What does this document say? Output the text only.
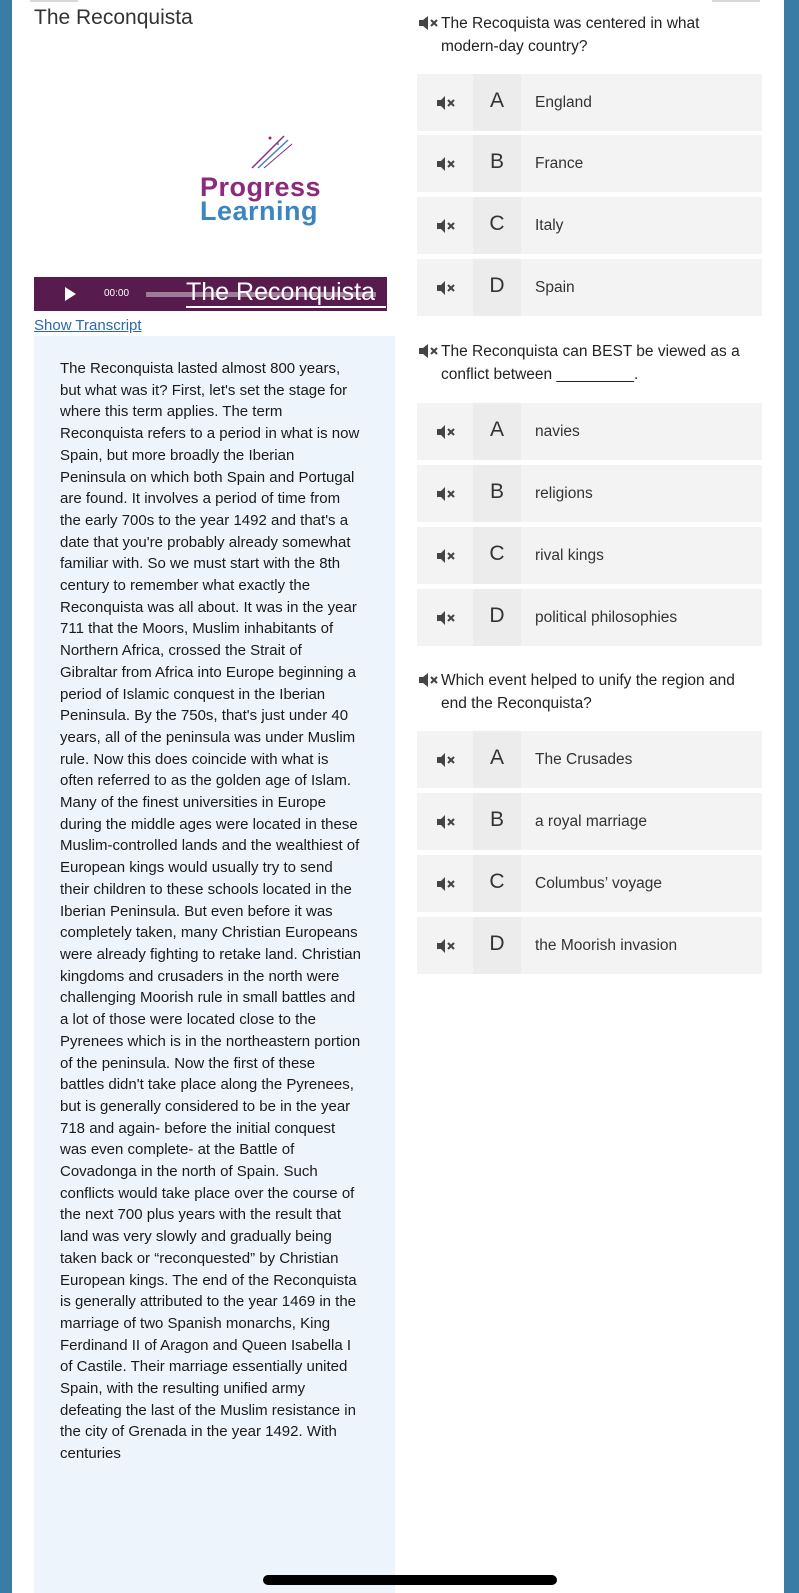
The Reconquista
Progress
Learning
00:00 The Reconquista
Show Transcript

The Reconquista lasted almost 800 years, but what was it? First, let's set the stage for where this term applies. The term Reconquista refers to a period in what is now Spain, but more broadly the Iberian Peninsula on which both Spain and Portugal are found. It involves a period of time from the early 700s to the year 1492 and that's a date that you're probably already somewhat familiar with. So we must start with the 8th century to remember what exactly the Reconquista was all about. It was in the year 711 that the Moors, Muslim inhabitants of Northern Africa, crossed the Strait of Gibraltar from Africa into Europe beginning a period of Islamic conquest in the Iberian Peninsula. By the 750s, that's just under 40 years, all of the peninsula was under Muslim rule. Now this does coincide with what is often referred to as the golden age of Islam. Many of the finest universities in Europe during the middle ages were located in these Muslim-controlled lands and the wealthiest of European kings would usually try to send their children to these schools located in the Iberian Peninsula. But even before it was completely taken, many Christian Europeans were already fighting to retake land. Christian kingdoms and crusaders in the north were challenging Moorish rule in small battles and a lot of those were located close to the Pyrenees which is in the northeastern portion of the peninsula. Now the first of these battles didn't take place along the Pyrenees, but is generally considered to be in the year 718 and again- before the initial conquest was even complete- at the Battle of Covadonga in the north of Spain. Such conflicts would take place over the course of the next 700 plus years with the result that land was very slowly and gradually being taken back or “reconquested” by Christian European kings. The end of the Reconquista is generally attributed to the year 1469 in the marriage of two Spanish monarchs, King Ferdinand II of Aragon and Queen Isabella I of Castile. Their marriage essentially united Spain, with the resulting unified army defeating the last of the Muslim resistance in the city of Grenada in the year 1492. With centuries

The Recoquista was centered in what
modern-day country?
A	England
B	France
C	Italy
D	Spain
The Reconquista can BEST be viewed as a
conflict between _________.
A	navies
B	religions
C	rival kings
D	political philosophies
Which event helped to unify the region and
end the Reconquista?
A	The Crusades
B	a royal marriage
C	Columbus’ voyage
D	the Moorish invasion
